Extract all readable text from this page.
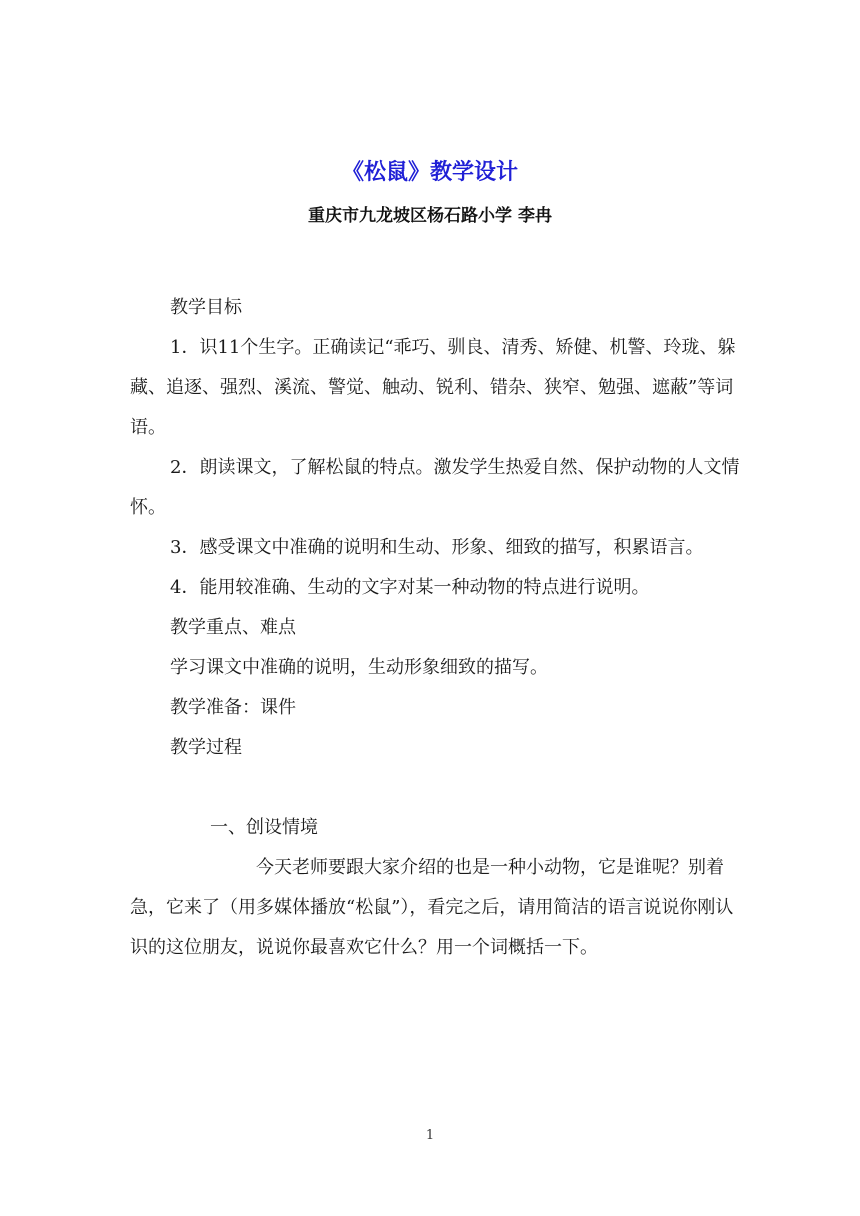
《松鼠》教学设计
重庆市九龙坡区杨石路小学 李冉

教学目标

1．识11个生字。正确读记“乖巧、驯良、清秀、矫健、机警、玲珑、躲藏、追逐、强烈、溪流、警觉、触动、锐利、错杂、狭窄、勉强、遮蔽”等词语。

2．朗读课文，了解松鼠的特点。激发学生热爱自然、保护动物的人文情怀。

3．感受课文中准确的说明和生动、形象、细致的描写，积累语言。

4．能用较准确、生动的文字对某一种动物的特点进行说明。

教学重点、难点

学习课文中准确的说明，生动形象细致的描写。

教学准备：课件

教学过程

一、创设情境

今天老师要跟大家介绍的也是一种小动物，它是谁呢？别着急，它来了（用多媒体播放“松鼠”），看完之后，请用简洁的语言说说你刚认识的这位朋友，说说你最喜欢它什么？用一个词概括一下。

1
